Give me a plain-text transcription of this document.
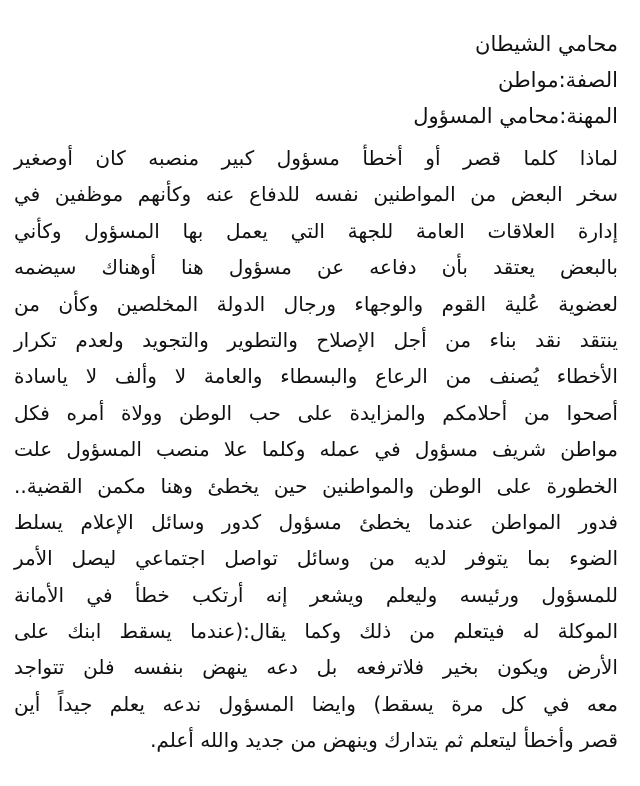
محامي الشيطان
الصفة:مواطن
المهنة:محامي المسؤول
لماذا كلما قصر أو أخطأ مسؤول كبير منصبه كان أوصغير
سخر البعض من المواطنين نفسه للدفاع عنه وكأنهم موظفين في
إدارة العلاقات العامة للجهة التي يعمل بها المسؤول وكأني
بالبعض يعتقد بأن دفاعه عن مسؤول هنا أوهناك سيضمه
لعضوية عُلية القوم والوجهاء ورجال الدولة المخلصين وكأن من
ينتقد نقد بناء من أجل الإصلاح والتطوير والتجويد ولعدم تكرار
الأخطاء يُصنف من الرعاع والبسطاء والعامة لا وألف لا ياسادة
أصحوا من أحلامكم والمزايدة على حب الوطن وولاة أمره فكل
مواطن شريف مسؤول في عمله وكلما علا منصب المسؤول علت
الخطورة على الوطن والمواطنين حين يخطئ وهنا مكمن القضية..
فدور المواطن عندما يخطئ مسؤول كدور وسائل الإعلام يسلط
الضوء بما يتوفر لديه من وسائل تواصل اجتماعي ليصل الأمر
للمسؤول ورئيسه وليعلم ويشعر إنه أرتكب خطأ في الأمانة
الموكلة له فيتعلم من ذلك وكما يقال:(عندما يسقط ابنك على
الأرض ويكون بخير فلاترفعه بل دعه ينهض بنفسه فلن تتواجد
معه في كل مرة يسقط) وايضا المسؤول ندعه يعلم جيداً أين
قصر وأخطأ ليتعلم ثم يتدارك وينهض من جديد والله أعلم.
